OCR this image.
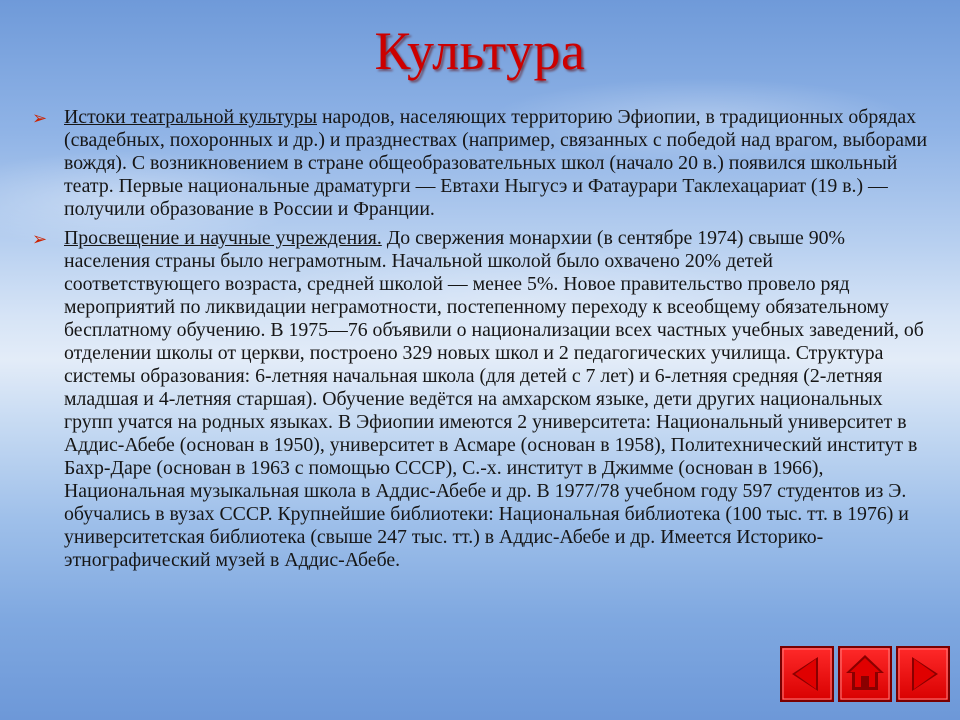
Культура
➢ Истоки театральной культуры народов, населяющих территорию Эфиопии, в традиционных обрядах (свадебных, похоронных и др.) и празднествах (например, связанных с победой над врагом, выборами вождя). С возникновением в стране общеобразовательных школ (начало 20 в.) появился школьный театр. Первые национальные драматурги — Евтахи Ныгусэ и Фатаурари Таклехацариат (19 в.) — получили образование в России и Франции.
➢ Просвещение и научные учреждения. До свержения монархии (в сентябре 1974) свыше 90% населения страны было неграмотным. Начальной школой было охвачено 20% детей соответствующего возраста, средней школой — менее 5%. Новое правительство провело ряд мероприятий по ликвидации неграмотности, постепенному переходу к всеобщему обязательному бесплатному обучению. В 1975—76 объявили о национализации всех частных учебных заведений, об отделении школы от церкви, построено 329 новых школ и 2 педагогических училища. Структура системы образования: 6-летняя начальная школа (для детей с 7 лет) и 6-летняя средняя (2-летняя младшая и 4-летняя старшая). Обучение ведётся на амхарском языке, дети других национальных групп учатся на родных языках. В Эфиопии имеются 2 университета: Национальный университет в Аддис-Абебе (основан в 1950), университет в Асмаре (основан в 1958), Политехнический институт в Бахр-Даре (основан в 1963 с помощью СССР), С.-х. институт в Джимме (основан в 1966), Национальная музыкальная школа в Аддис-Абебе и др. В 1977/78 учебном году 597 студентов из Э. обучались в вузах СССР. Крупнейшие библиотеки: Национальная библиотека (100 тыс. тт. в 1976) и университетская библиотека (свыше 247 тыс. тт.) в Аддис-Абебе и др. Имеется Историко-этнографический музей в Аддис-Абебе.
